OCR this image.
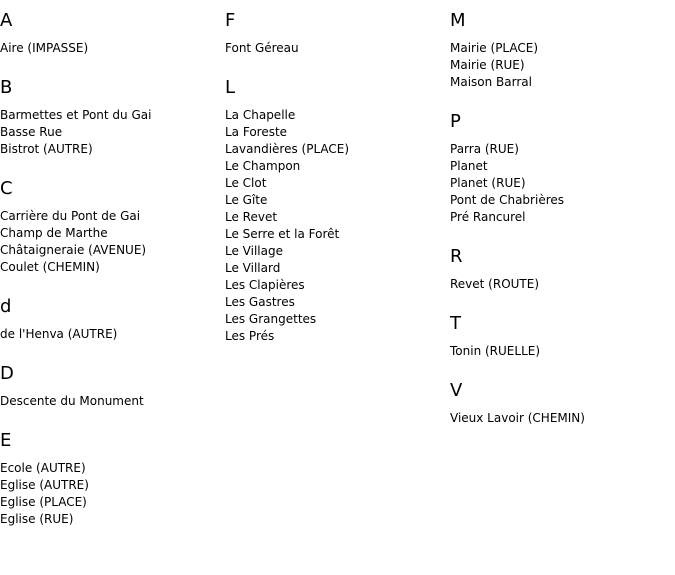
A
Aire (IMPASSE)
B
Barmettes et Pont du Gai
Basse Rue
Bistrot (AUTRE)
C
Carrière du Pont de Gai
Champ de Marthe
Châtaigneraie (AVENUE)
Coulet (CHEMIN)
d
de l'Henva (AUTRE)
D
Descente du Monument
E
Ecole (AUTRE)
Eglise (AUTRE)
Eglise (PLACE)
Eglise (RUE)
F
Font Géreau
L
La Chapelle
La Foreste
Lavandières (PLACE)
Le Champon
Le Clot
Le Gîte
Le Revet
Le Serre et la Forêt
Le Village
Le Villard
Les Clapières
Les Gastres
Les Grangettes
Les Prés
M
Mairie (PLACE)
Mairie (RUE)
Maison Barral
P
Parra (RUE)
Planet
Planet (RUE)
Pont de Chabrières
Pré Rancurel
R
Revet (ROUTE)
T
Tonin (RUELLE)
V
Vieux Lavoir (CHEMIN)
